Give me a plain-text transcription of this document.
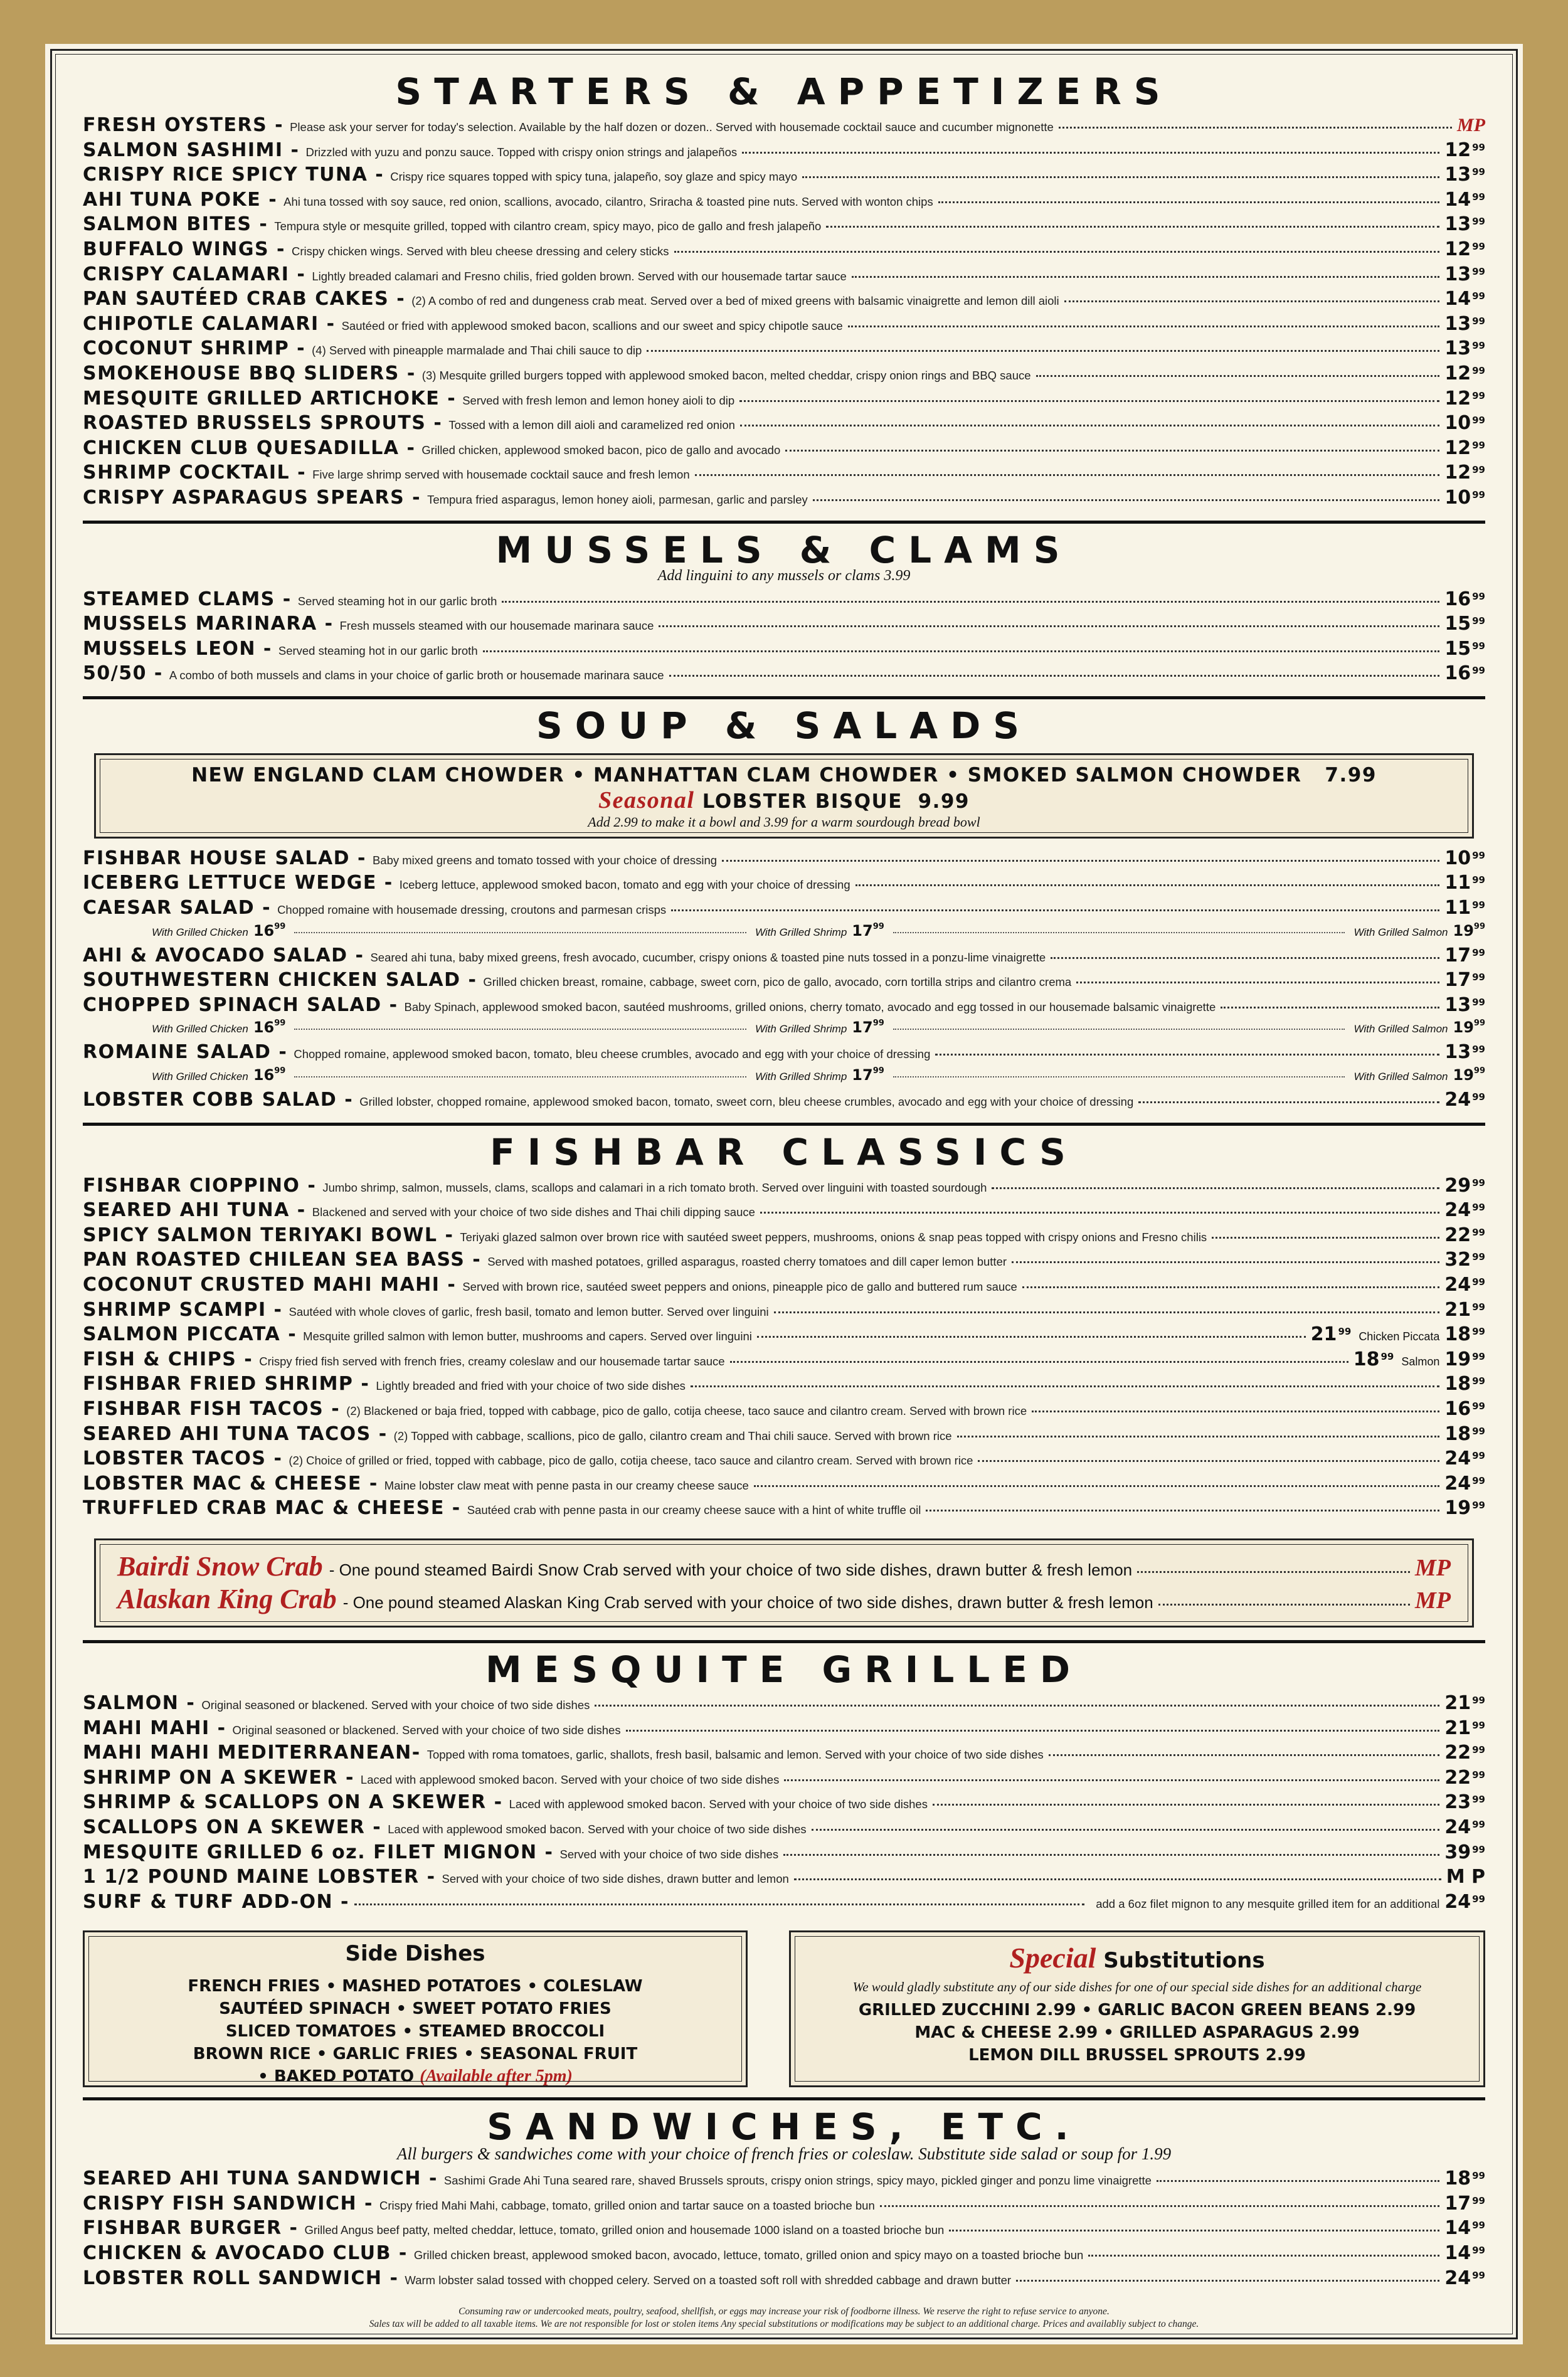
STARTERS & APPETIZERS
FRESH OYSTERS - Please ask your server for today's selection. Available by the half dozen or dozen.. Served with housemade cocktail sauce and cucumber mignonette	MP
SALMON SASHIMI - Drizzled with yuzu and ponzu sauce. Topped with crispy onion strings and jalapeños	12 $^{99}$
CRISPY RICE SPICY TUNA - Crispy rice squares topped with spicy tuna, jalapeño, soy glaze and spicy mayo	13 $^{99}$
AHI TUNA POKE - Ahi tuna tossed with soy sauce, red onion, scallions, avocado, cilantro, Sriracha & toasted pine nuts. Served with wonton chips	14 $^{99}$
SALMON BITES - Tempura style or mesquite grilled, topped with cilantro cream, spicy mayo, pico de gallo and fresh jalapeño	13 $^{99}$
BUFFALO WINGS - Crispy chicken wings. Served with bleu cheese dressing and celery sticks	12 $^{99}$
CRISPY CALAMARI - Lightly breaded calamari and Fresno chilis, fried golden brown. Served with our housemade tartar sauce	13 $^{99}$
PAN SAUTÉED CRAB CAKES - (2) A combo of red and dungeness crab meat. Served over a bed of mixed greens with balsamic vinaigrette and lemon dill aioli	14 $^{99}$
CHIPOTLE CALAMARI - Sautéed or fried with applewood smoked bacon, scallions and our sweet and spicy chipotle sauce	13 $^{99}$
COCONUT SHRIMP - (4) Served with pineapple marmalade and Thai chili sauce to dip	13 $^{99}$
SMOKEHOUSE BBQ SLIDERS - (3) Mesquite grilled burgers topped with applewood smoked bacon, melted cheddar, crispy onion rings and BBQ sauce	12 $^{99}$
MESQUITE GRILLED ARTICHOKE - Served with fresh lemon and lemon honey aioli to dip	12 $^{99}$
ROASTED BRUSSELS SPROUTS - Tossed with a lemon dill aioli and caramelized red onion	10 $^{99}$
CHICKEN CLUB QUESADILLA - Grilled chicken, applewood smoked bacon, pico de gallo and avocado	12 $^{99}$
SHRIMP COCKTAIL - Five large shrimp served with housemade cocktail sauce and fresh lemon	12 $^{99}$
CRISPY ASPARAGUS SPEARS - Tempura fried asparagus, lemon honey aioli, parmesan, garlic and parsley	10 $^{99}$
MUSSELS & CLAMS
Add linguini to any mussels or clams 3.99
STEAMED CLAMS - Served steaming hot in our garlic broth	16 $^{99}$
MUSSELS MARINARA - Fresh mussels steamed with our housemade marinara sauce	15 $^{99}$
MUSSELS LEON - Served steaming hot in our garlic broth	15 $^{99}$
50/50 - A combo of both mussels and clams in your choice of garlic broth or housemade marinara sauce	16 $^{99}$
SOUP & SALADS
NEW ENGLAND CLAM CHOWDER • MANHATTAN CLAM CHOWDER • SMOKED SALMON CHOWDER 7.99
Seasonal LOBSTER BISQUE 9.99
Add 2.99 to make it a bowl and 3.99 for a warm sourdough bread bowl
FISHBAR HOUSE SALAD - Baby mixed greens and tomato tossed with your choice of dressing	10 $^{99}$
ICEBERG LETTUCE WEDGE - Iceberg lettuce, applewood smoked bacon, tomato and egg with your choice of dressing	11 $^{99}$
CAESAR SALAD - Chopped romaine with housemade dressing, croutons and parmesan crisps	11 $^{99}$
With Grilled Chicken $16^{99}$	With Grilled Shrimp $17^{99}$	With Grilled Salmon $19^{99}$
AHI & AVOCADO SALAD - Seared ahi tuna, baby mixed greens, fresh avocado, cucumber, crispy onions & toasted pine nuts tossed in a ponzu-lime vinaigrette	17 $^{99}$
SOUTHWESTERN CHICKEN SALAD - Grilled chicken breast, romaine, cabbage, sweet corn, pico de gallo, avocado, corn tortilla strips and cilantro crema	17 $^{99}$
CHOPPED SPINACH SALAD - Baby Spinach, applewood smoked bacon, sautéed mushrooms, grilled onions, cherry tomato, avocado and egg tossed in our housemade balsamic vinaigrette	13 $^{99}$
With Grilled Chicken $16^{99}$	With Grilled Shrimp $17^{99}$	With Grilled Salmon $19^{99}$
ROMAINE SALAD - Chopped romaine, applewood smoked bacon, tomato, bleu cheese crumbles, avocado and egg with your choice of dressing	13 $^{99}$
With Grilled Chicken $16^{99}$	With Grilled Shrimp $17^{99}$	With Grilled Salmon $19^{99}$
LOBSTER COBB SALAD - Grilled lobster, chopped romaine, applewood smoked bacon, tomato, sweet corn, bleu cheese crumbles, avocado and egg with your choice of dressing	24 $^{99}$
FISHBAR CLASSICS
FISHBAR CIOPPINO - Jumbo shrimp, salmon, mussels, clams, scallops and calamari in a rich tomato broth. Served over linguini with toasted sourdough	29 $^{99}$
SEARED AHI TUNA - Blackened and served with your choice of two side dishes and Thai chili dipping sauce	24 $^{99}$
SPICY SALMON TERIYAKI BOWL - Teriyaki glazed salmon over brown rice with sautéed sweet peppers, mushrooms, onions & snap peas topped with crispy onions and Fresno chilis	22 $^{99}$
PAN ROASTED CHILEAN SEA BASS - Served with mashed potatoes, grilled asparagus, roasted cherry tomatoes and dill caper lemon butter	32 $^{99}$
COCONUT CRUSTED MAHI MAHI - Served with brown rice, sautéed sweet peppers and onions, pineapple pico de gallo and buttered rum sauce	24 $^{99}$
SHRIMP SCAMPI - Sautéed with whole cloves of garlic, fresh basil, tomato and lemon butter. Served over linguini	21 $^{99}$
SALMON PICCATA - Mesquite grilled salmon with lemon butter, mushrooms and capers. Served over linguini	21 $^{99}$ Chicken Piccata 18 $^{99}$
FISH & CHIPS - Crispy fried fish served with french fries, creamy coleslaw and our housemade tartar sauce	18 $^{99}$ Salmon 19 $^{99}$
FISHBAR FRIED SHRIMP - Lightly breaded and fried with your choice of two side dishes	18 $^{99}$
FISHBAR FISH TACOS - (2) Blackened or baja fried, topped with cabbage, pico de gallo, cotija cheese, taco sauce and cilantro cream. Served with brown rice	16 $^{99}$
SEARED AHI TUNA TACOS - (2) Topped with cabbage, scallions, pico de gallo, cilantro cream and Thai chili sauce. Served with brown rice	18 $^{99}$
LOBSTER TACOS - (2) Choice of grilled or fried, topped with cabbage, pico de gallo, cotija cheese, taco sauce and cilantro cream. Served with brown rice	24 $^{99}$
LOBSTER MAC & CHEESE - Maine lobster claw meat with penne pasta in our creamy cheese sauce	24 $^{99}$
TRUFFLED CRAB MAC & CHEESE - Sautéed crab with penne pasta in our creamy cheese sauce with a hint of white truffle oil	19 $^{99}$
Bairdi Snow Crab - One pound steamed Bairdi Snow Crab served with your choice of two side dishes, drawn butter & fresh lemon	MP
Alaskan King Crab - One pound steamed Alaskan King Crab served with your choice of two side dishes, drawn butter & fresh lemon	MP
MESQUITE GRILLED
SALMON - Original seasoned or blackened. Served with your choice of two side dishes	21 $^{99}$
MAHI MAHI - Original seasoned or blackened. Served with your choice of two side dishes	21 $^{99}$
MAHI MAHI MEDITERRANEAN- Topped with roma tomatoes, garlic, shallots, fresh basil, balsamic and lemon. Served with your choice of two side dishes	22 $^{99}$
SHRIMP ON A SKEWER - Laced with applewood smoked bacon. Served with your choice of two side dishes	22 $^{99}$
SHRIMP & SCALLOPS ON A SKEWER - Laced with applewood smoked bacon. Served with your choice of two side dishes	23 $^{99}$
SCALLOPS ON A SKEWER - Laced with applewood smoked bacon. Served with your choice of two side dishes	24 $^{99}$
MESQUITE GRILLED 6 oz. FILET MIGNON - Served with your choice of two side dishes	39 $^{99}$
1 1/2 POUND MAINE LOBSTER - Served with your choice of two side dishes, drawn butter and lemon	M P
SURF & TURF ADD-ON -	add a 6oz filet mignon to any mesquite grilled item for an additional 24 $^{99}$
Side Dishes
FRENCH FRIES • MASHED POTATOES • COLESLAW
SAUTÉED SPINACH • SWEET POTATO FRIES
SLICED TOMATOES • STEAMED BROCCOLI
BROWN RICE • GARLIC FRIES • SEASONAL FRUIT
• BAKED POTATO (Available after 5pm)
Special Substitutions
We would gladly substitute any of our side dishes for one of our special side dishes for an additional charge
GRILLED ZUCCHINI 2.99 • GARLIC BACON GREEN BEANS 2.99
MAC & CHEESE 2.99 • GRILLED ASPARAGUS 2.99
LEMON DILL BRUSSEL SPROUTS 2.99
SANDWICHES, ETC.
All burgers & sandwiches come with your choice of french fries or coleslaw. Substitute side salad or soup for 1.99
SEARED AHI TUNA SANDWICH - Sashimi Grade Ahi Tuna seared rare, shaved Brussels sprouts, crispy onion strings, spicy mayo, pickled ginger and ponzu lime vinaigrette	18 $^{99}$
CRISPY FISH SANDWICH - Crispy fried Mahi Mahi, cabbage, tomato, grilled onion and tartar sauce on a toasted brioche bun	17 $^{99}$
FISHBAR BURGER - Grilled Angus beef patty, melted cheddar, lettuce, tomato, grilled onion and housemade 1000 island on a toasted brioche bun	14 $^{99}$
CHICKEN & AVOCADO CLUB - Grilled chicken breast, applewood smoked bacon, avocado, lettuce, tomato, grilled onion and spicy mayo on a toasted brioche bun	14 $^{99}$
LOBSTER ROLL SANDWICH - Warm lobster salad tossed with chopped celery. Served on a toasted soft roll with shredded cabbage and drawn butter	24 $^{99}$
Consuming raw or undercooked meats, poultry, seafood, shellfish, or eggs may increase your risk of foodborne illness. We reserve the right to refuse service to anyone.
Sales tax will be added to all taxable items. We are not responsible for lost or stolen items Any special substitutions or modifications may be subject to an additional charge. Prices and availabliy subject to change.
